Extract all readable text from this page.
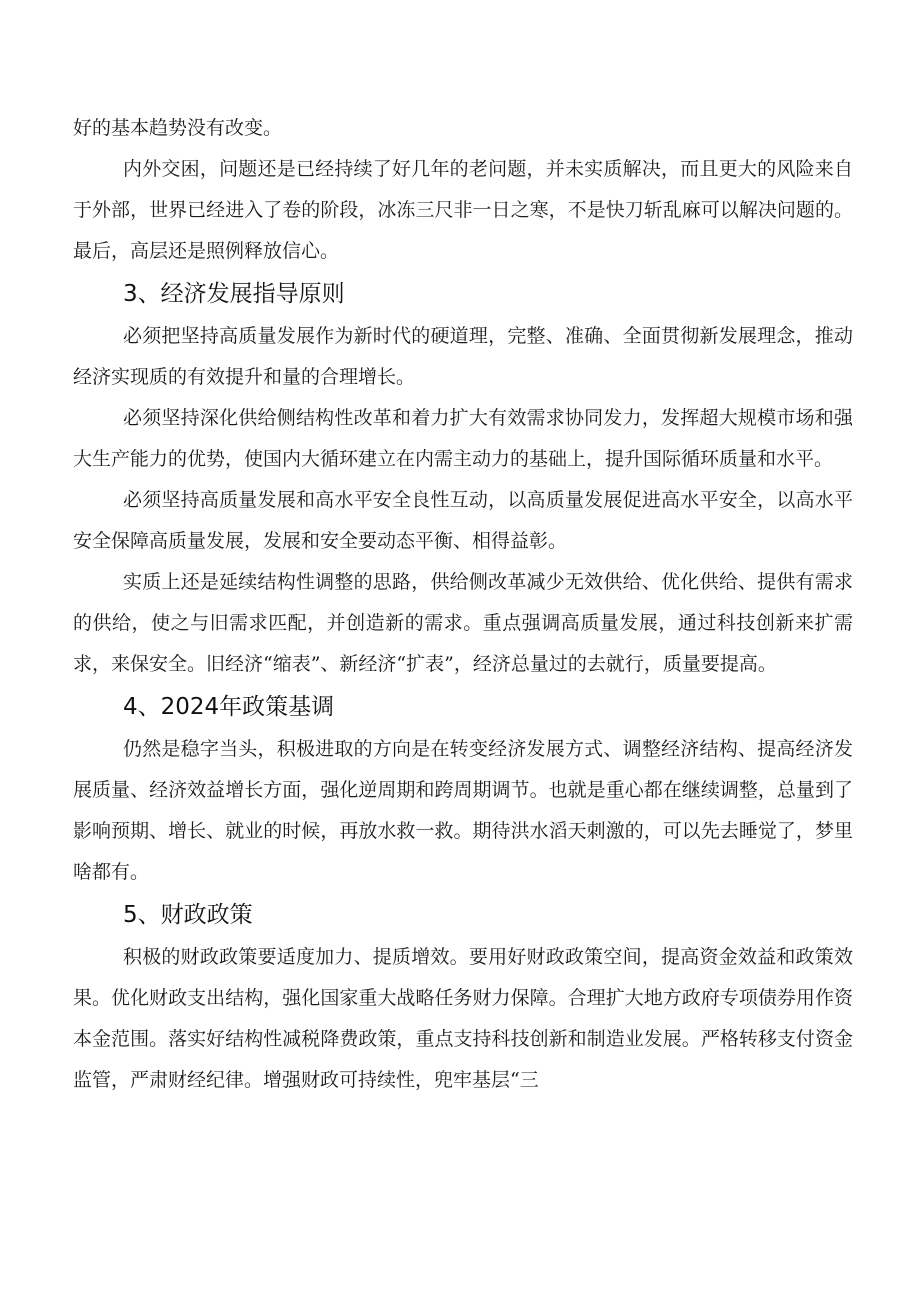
好的基本趋势没有改变。

内外交困，问题还是已经持续了好几年的老问题，并未实质解决，而且更大的风险来自于外部，世界已经进入了卷的阶段，冰冻三尺非一日之寒，不是快刀斩乱麻可以解决问题的。最后，高层还是照例释放信心。

3、经济发展指导原则

必须把坚持高质量发展作为新时代的硬道理，完整、准确、全面贯彻新发展理念，推动经济实现质的有效提升和量的合理增长。

必须坚持深化供给侧结构性改革和着力扩大有效需求协同发力，发挥超大规模市场和强大生产能力的优势，使国内大循环建立在内需主动力的基础上，提升国际循环质量和水平。

必须坚持高质量发展和高水平安全良性互动，以高质量发展促进高水平安全，以高水平安全保障高质量发展，发展和安全要动态平衡、相得益彰。

实质上还是延续结构性调整的思路，供给侧改革减少无效供给、优化供给、提供有需求的供给，使之与旧需求匹配，并创造新的需求。重点强调高质量发展，通过科技创新来扩需求，来保安全。旧经济“缩表”、新经济“扩表”，经济总量过的去就行，质量要提高。

4、2024年政策基调

仍然是稳字当头，积极进取的方向是在转变经济发展方式、调整经济结构、提高经济发展质量、经济效益增长方面，强化逆周期和跨周期调节。也就是重心都在继续调整，总量到了影响预期、增长、就业的时候，再放水救一救。期待洪水滔天刺激的，可以先去睡觉了，梦里啥都有。

5、财政政策

积极的财政政策要适度加力、提质增效。要用好财政政策空间，提高资金效益和政策效果。优化财政支出结构，强化国家重大战略任务财力保障。合理扩大地方政府专项债券用作资本金范围。落实好结构性减税降费政策，重点支持科技创新和制造业发展。严格转移支付资金监管，严肃财经纪律。增强财政可持续性，兜牢基层“三
